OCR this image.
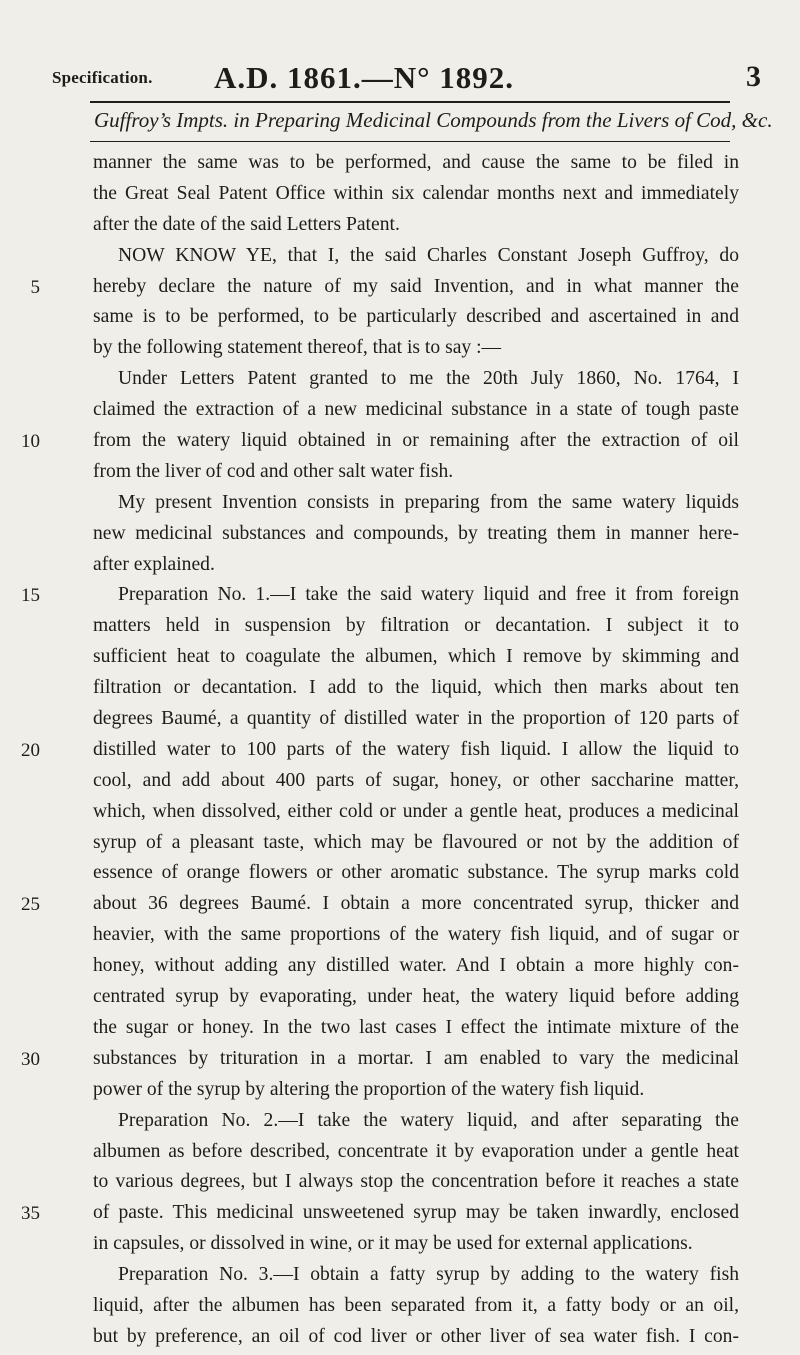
Specification. A.D. 1861.—N° 1892.	3
Guffroy’s Impts. in Preparing Medicinal Compounds from the Livers of Cod, &c.
manner the same was to be performed, and cause the same to be filed in
the Great Seal Patent Office within six calendar months next and immediately
after the date of the said Letters Patent.
NOW KNOW YE, that I, the said Charles Constant Joseph Guffroy, do
5	hereby declare the nature of my said Invention, and in what manner the
same is to be performed, to be particularly described and ascertained in and
by the following statement thereof, that is to say :—
Under Letters Patent granted to me the 20th July 1860, No. 1764, I
claimed the extraction of a new medicinal substance in a state of tough paste
10	from the watery liquid obtained in or remaining after the extraction of oil
from the liver of cod and other salt water fish.
My present Invention consists in preparing from the same watery liquids
new medicinal substances and compounds, by treating them in manner here-
after explained.
15	Preparation No. 1.—I take the said watery liquid and free it from foreign
matters held in suspension by filtration or decantation. I subject it to
sufficient heat to coagulate the albumen, which I remove by skimming and
filtration or decantation. I add to the liquid, which then marks about ten
degrees Baumé, a quantity of distilled water in the proportion of 120 parts of
20	distilled water to 100 parts of the watery fish liquid. I allow the liquid to
cool, and add about 400 parts of sugar, honey, or other saccharine matter,
which, when dissolved, either cold or under a gentle heat, produces a medicinal
syrup of a pleasant taste, which may be flavoured or not by the addition of
essence of orange flowers or other aromatic substance. The syrup marks cold
25	about 36 degrees Baumé. I obtain a more concentrated syrup, thicker and
heavier, with the same proportions of the watery fish liquid, and of sugar or
honey, without adding any distilled water. And I obtain a more highly con-
centrated syrup by evaporating, under heat, the watery liquid before adding
the sugar or honey. In the two last cases I effect the intimate mixture of the
30	substances by trituration in a mortar. I am enabled to vary the medicinal
power of the syrup by altering the proportion of the watery fish liquid.
Preparation No. 2.—I take the watery liquid, and after separating the
albumen as before described, concentrate it by evaporation under a gentle heat
to various degrees, but I always stop the concentration before it reaches a state
35	of paste. This medicinal unsweetened syrup may be taken inwardly, enclosed
in capsules, or dissolved in wine, or it may be used for external applications.
Preparation No. 3.—I obtain a fatty syrup by adding to the watery fish
liquid, after the albumen has been separated from it, a fatty body or an oil,
but by preference, an oil of cod liver or other liver of sea water fish. I con-
